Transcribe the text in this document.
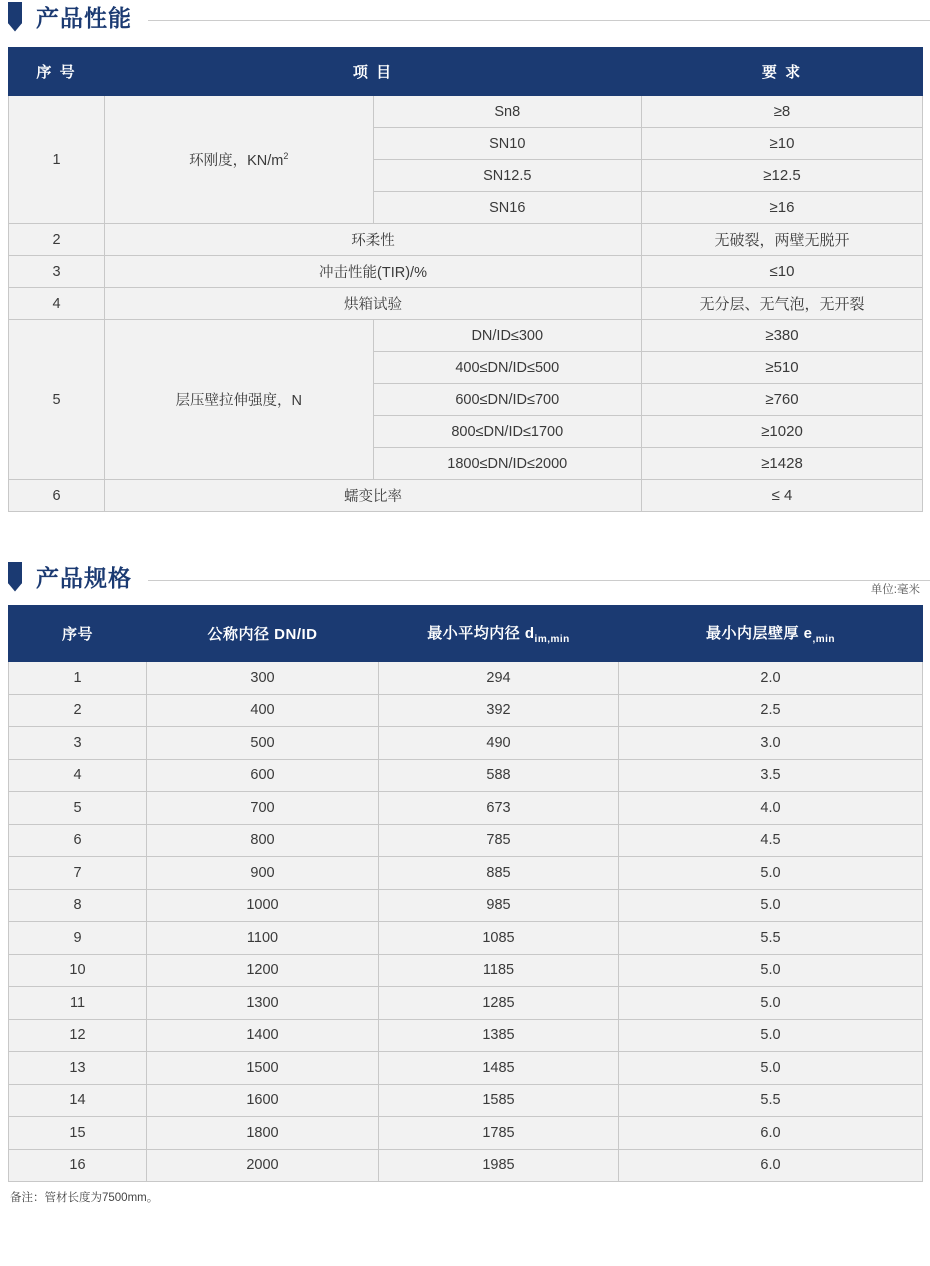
产品性能
序 号	项 目		要 求
1	环刚度，$KN/m^2$	Sn8	≥8
		SN10	≥10
		SN12.5	≥12.5
		SN16	≥16
2	环柔性		无破裂，两壁无脱开
3	冲击性能(TIR)/%		≤10
4	烘箱试验		无分层、无气泡，无开裂
5	层压壁拉伸强度，N	DN/ID≤300	≥380
		400≤DN/ID≤500	≥510
		600≤DN/ID≤700	≥760
		800≤DN/ID≤1700	≥1020
		1800≤DN/ID≤2000	≥1428
6	蠕变比率		≤ 4
产品规格	单位:毫米
序号	公称内径 DN/ID	最小平均内径 $d_{im,min}$	最小内层壁厚 $e_{,min}$
1	300	294	2.0
2	400	392	2.5
3	500	490	3.0
4	600	588	3.5
5	700	673	4.0
6	800	785	4.5
7	900	885	5.0
8	1000	985	5.0
9	1100	1085	5.5
10	1200	1185	5.0
11	1300	1285	5.0
12	1400	1385	5.0
13	1500	1485	5.0
14	1600	1585	5.5
15	1800	1785	6.0
16	2000	1985	6.0
备注：管材长度为7500mm。
